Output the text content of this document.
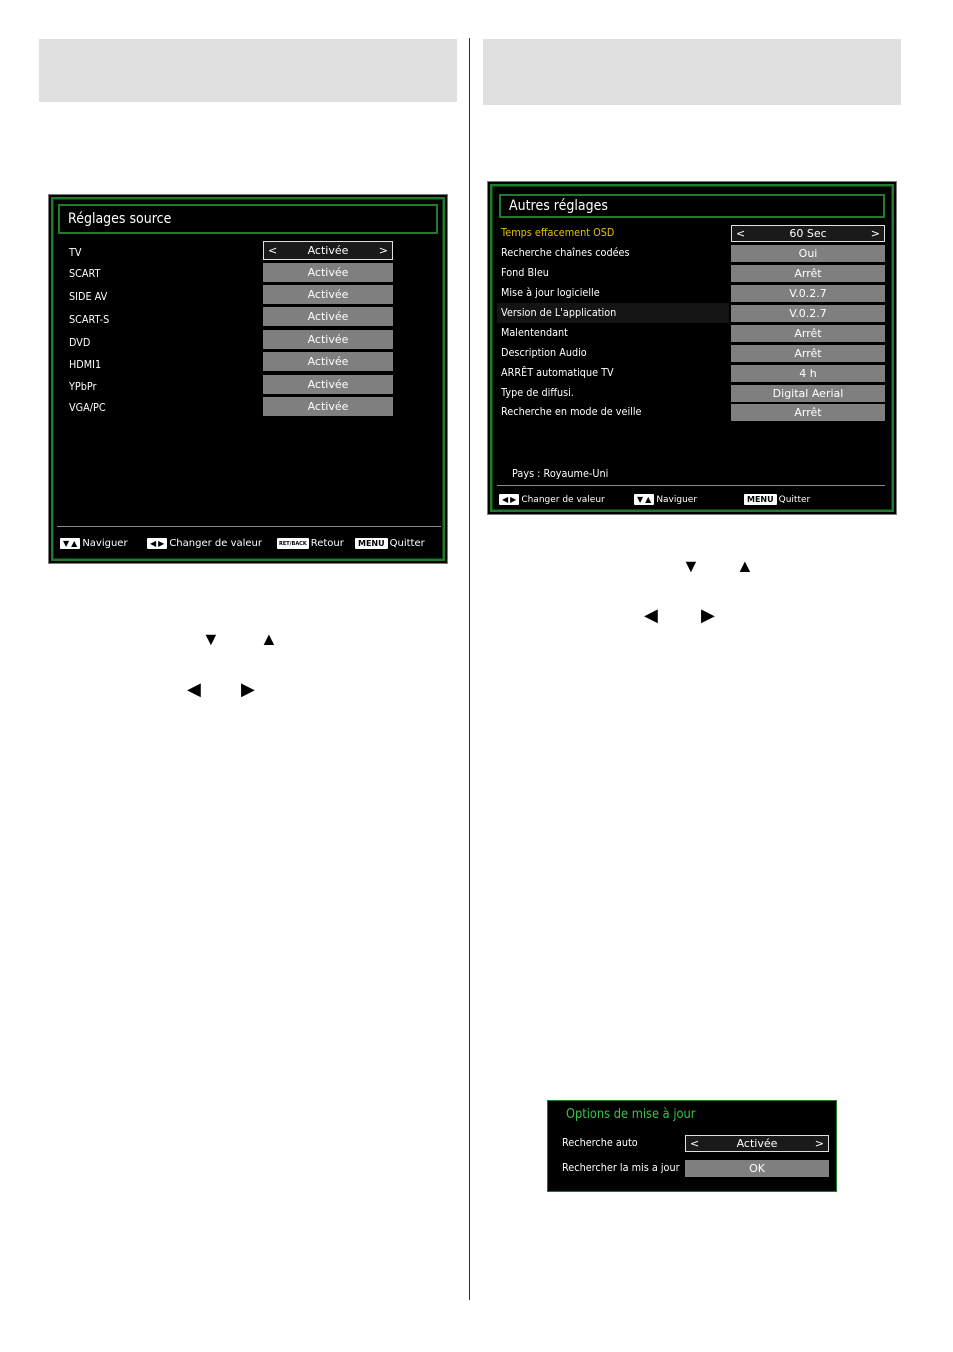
Réglages source
TV	<	Activée	>
SCART	Activée
SIDE AV	Activée
SCART-S	Activée
DVD	Activée
HDMI1	Activée
YPbPr	Activée
VGA/PC	Activée
▼ ▲ Naviguer	◀ ▶ Changer de valeur	RET/BACK Retour	MENU Quitter
▼ ▲
◀ ▶
Autres réglages
Temps effacement OSD	<	60 Sec	>
Recherche chaînes codées	Oui
Fond Bleu	Arrêt
Mise à jour logicielle	V.0.2.7
Version de L'application	V.0.2.7
Malentendant	Arrêt
Description Audio	Arrêt
ARRÊT automatique TV	4 h
Type de diffusi.	Digital Aerial
Recherche en mode de veille	Arrêt
Pays : Royaume-Uni
◀ ▶ Changer de valeur	▼ ▲ Naviguer	MENU Quitter
▼ ▲
◀ ▶
Options de mise à jour
Recherche auto	<	Activée	>
Rechercher la mis a jour	OK
